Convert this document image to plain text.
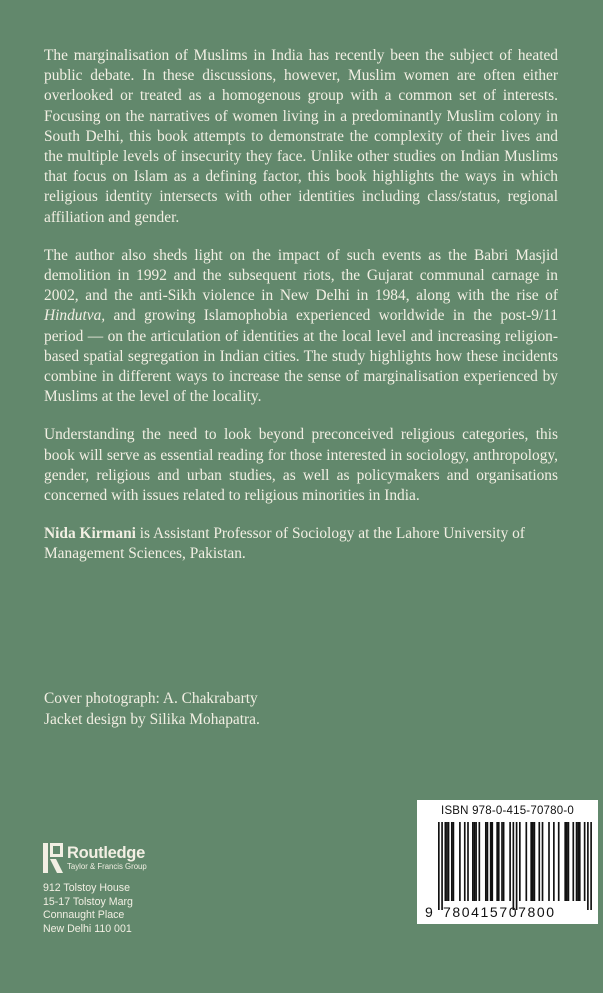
The marginalisation of Muslims in India has recently been the subject of heated public debate. In these discussions, however, Muslim women are often either overlooked or treated as a homogenous group with a common set of interests. Focusing on the narratives of women living in a predominantly Muslim colony in South Delhi, this book attempts to demonstrate the complexity of their lives and the multiple levels of insecurity they face. Unlike other studies on Indian Muslims that focus on Islam as a defining factor, this book highlights the ways in which religious identity intersects with other identities including class/status, regional affiliation and gender.

The author also sheds light on the impact of such events as the Babri Masjid demolition in 1992 and the subsequent riots, the Gujarat communal carnage in 2002, and the anti-Sikh violence in New Delhi in 1984, along with the rise of Hindutva, and growing Islamophobia experienced worldwide in the post-9/11 period — on the articulation of identities at the local level and increasing religion-based spatial segregation in Indian cities. The study highlights how these incidents combine in different ways to increase the sense of marginalisation experienced by Muslims at the level of the locality.

Understanding the need to look beyond preconceived religious categories, this book will serve as essential reading for those interested in sociology, anthropology, gender, religious and urban studies, as well as policymakers and organisations concerned with issues related to religious minorities in India.

Nida Kirmani is Assistant Professor of Sociology at the Lahore University of Management Sciences, Pakistan.

Cover photograph: A. Chakrabarty
Jacket design by Silika Mohapatra.
Routledge
Taylor & Francis Group
912 Tolstoy House
15-17 Tolstoy Marg
Connaught Place
New Delhi 110 001
ISBN 978-0-415-70780-0
9 780415707800
